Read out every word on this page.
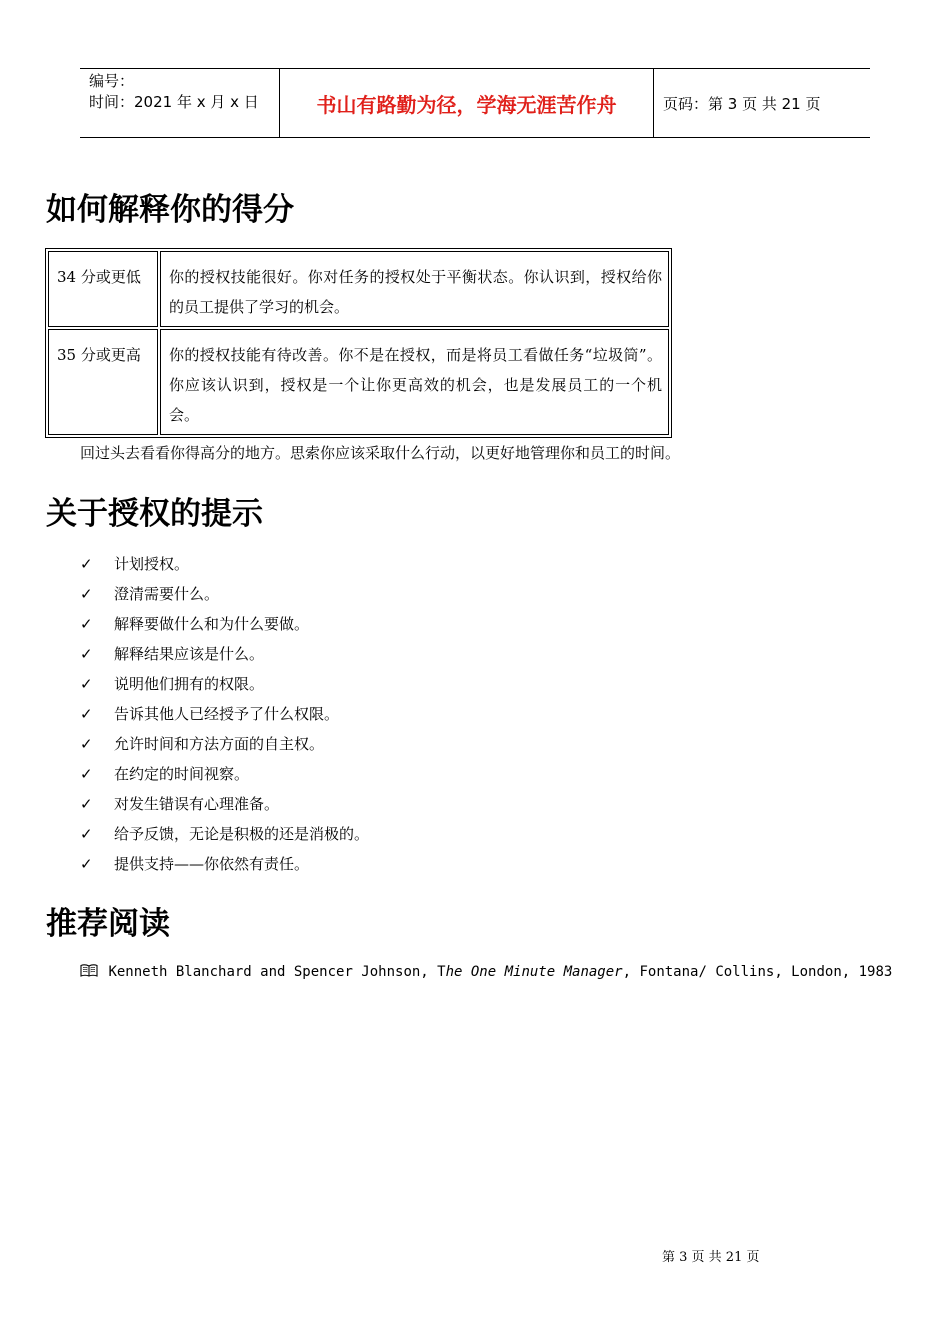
编号：
时间：2021 年 x 月 x 日	书山有路勤为径，学海无涯苦作舟	页码：第 3 页 共 21 页
如何解释你的得分
34 分或更低	你的授权技能很好。你对任务的授权处于平衡状态。你认识到，授权给你的员工提供了学习的机会。
35 分或更高	你的授权技能有待改善。你不是在授权，而是将员工看做任务“垃圾筒”。你应该认识到，授权是一个让你更高效的机会，也是发展员工的一个机会。
回过头去看看你得高分的地方。思索你应该采取什么行动，以更好地管理你和员工的时间。
关于授权的提示
✓	计划授权。
✓	澄清需要什么。
✓	解释要做什么和为什么要做。
✓	解释结果应该是什么。
✓	说明他们拥有的权限。
✓	告诉其他人已经授予了什么权限。
✓	允许时间和方法方面的自主权。
✓	在约定的时间视察。
✓	对发生错误有心理准备。
✓	给予反馈，无论是积极的还是消极的。
✓	提供支持——你依然有责任。
推荐阅读
Kenneth Blanchard and Spencer Johnson, The One Minute Manager, Fontana/ Collins, London, 1983
第 3 页 共 21 页
